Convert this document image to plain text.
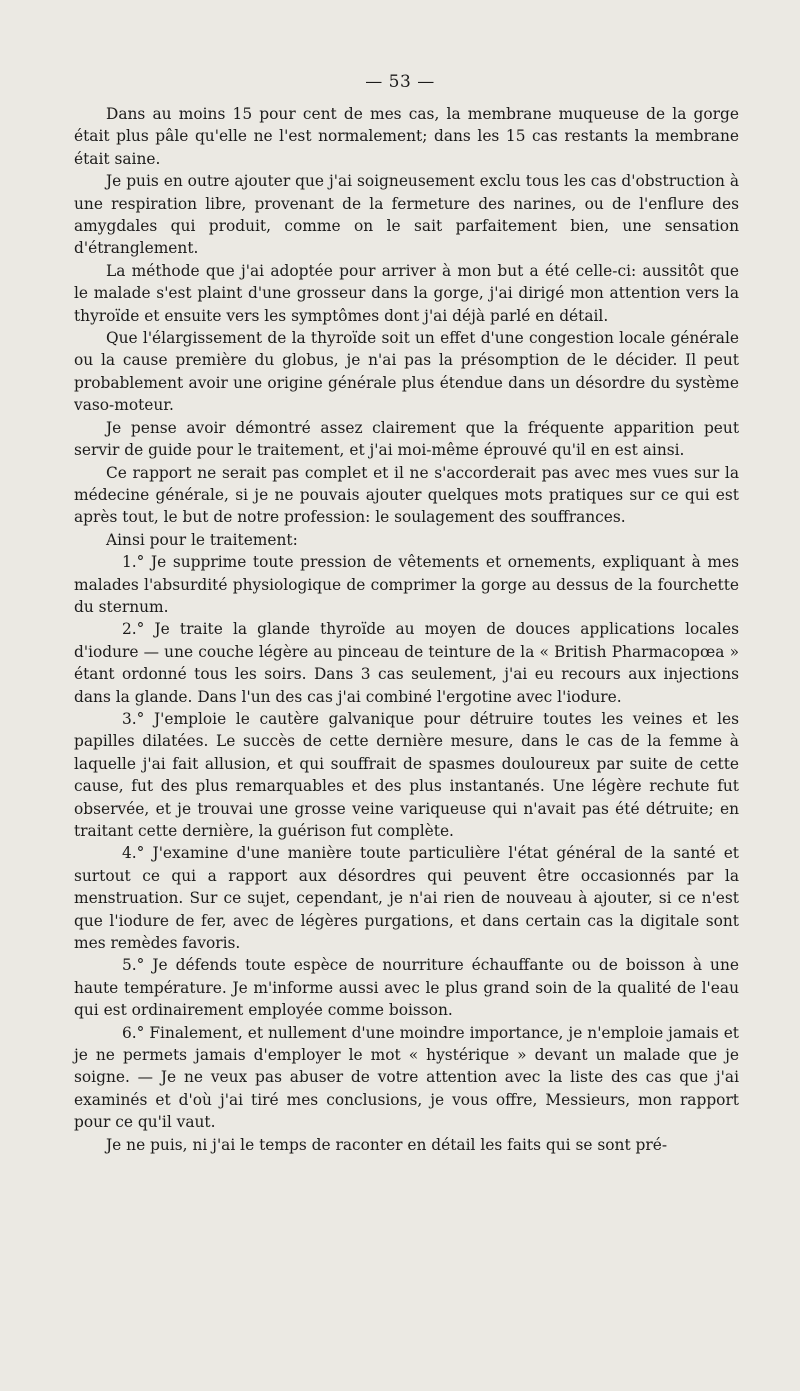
— 53 —

Dans au moins 15 pour cent de mes cas, la membrane muqueuse de la gorge était plus pâle qu'elle ne l'est normalement; dans les 15 cas restants la membrane était saine.

Je puis en outre ajouter que j'ai soigneusement exclu tous les cas d'obstruction à une respiration libre, provenant de la fermeture des narines, ou de l'enflure des amygdales qui produit, comme on le sait parfaitement bien, une sensation d'étranglement.

La méthode que j'ai adoptée pour arriver à mon but a été celle-ci: aussitôt que le malade s'est plaint d'une grosseur dans la gorge, j'ai dirigé mon attention vers la thyroïde et ensuite vers les symptômes dont j'ai déjà parlé en détail.

Que l'élargissement de la thyroïde soit un effet d'une congestion locale générale ou la cause première du globus, je n'ai pas la présomption de le décider. Il peut probablement avoir une origine générale plus étendue dans un désordre du système vaso-moteur.

Je pense avoir démontré assez clairement que la fréquente apparition peut servir de guide pour le traitement, et j'ai moi-même éprouvé qu'il en est ainsi.

Ce rapport ne serait pas complet et il ne s'accorderait pas avec mes vues sur la médecine générale, si je ne pouvais ajouter quelques mots pratiques sur ce qui est après tout, le but de notre profession: le soulagement des souffrances.

Ainsi pour le traitement:

1.° Je supprime toute pression de vêtements et ornements, expliquant à mes malades l'absurdité physiologique de comprimer la gorge au dessus de la fourchette du sternum.

2.° Je traite la glande thyroïde au moyen de douces applications locales d'iodure — une couche légère au pinceau de teinture de la « British Pharmacopœa » étant ordonné tous les soirs. Dans 3 cas seulement, j'ai eu recours aux injections dans la glande. Dans l'un des cas j'ai combiné l'ergotine avec l'iodure.

3.° J'emploie le cautère galvanique pour détruire toutes les veines et les papilles dilatées. Le succès de cette dernière mesure, dans le cas de la femme à laquelle j'ai fait allusion, et qui souffrait de spasmes douloureux par suite de cette cause, fut des plus remarquables et des plus instantanés. Une légère rechute fut observée, et je trouvai une grosse veine variqueuse qui n'avait pas été détruite; en traitant cette dernière, la guérison fut complète.

4.° J'examine d'une manière toute particulière l'état général de la santé et surtout ce qui a rapport aux désordres qui peuvent être occasionnés par la menstruation. Sur ce sujet, cependant, je n'ai rien de nouveau à ajouter, si ce n'est que l'iodure de fer, avec de légères purgations, et dans certain cas la digitale sont mes remèdes favoris.

5.° Je défends toute espèce de nourriture échauffante ou de boisson à une haute température. Je m'informe aussi avec le plus grand soin de la qualité de l'eau qui est ordinairement employée comme boisson.

6.° Finalement, et nullement d'une moindre importance, je n'emploie jamais et je ne permets jamais d'employer le mot « hystérique » devant un malade que je soigne. — Je ne veux pas abuser de votre attention avec la liste des cas que j'ai examinés et d'où j'ai tiré mes conclusions, je vous offre, Messieurs, mon rapport pour ce qu'il vaut.

Je ne puis, ni j'ai le temps de raconter en détail les faits qui se sont pré-
